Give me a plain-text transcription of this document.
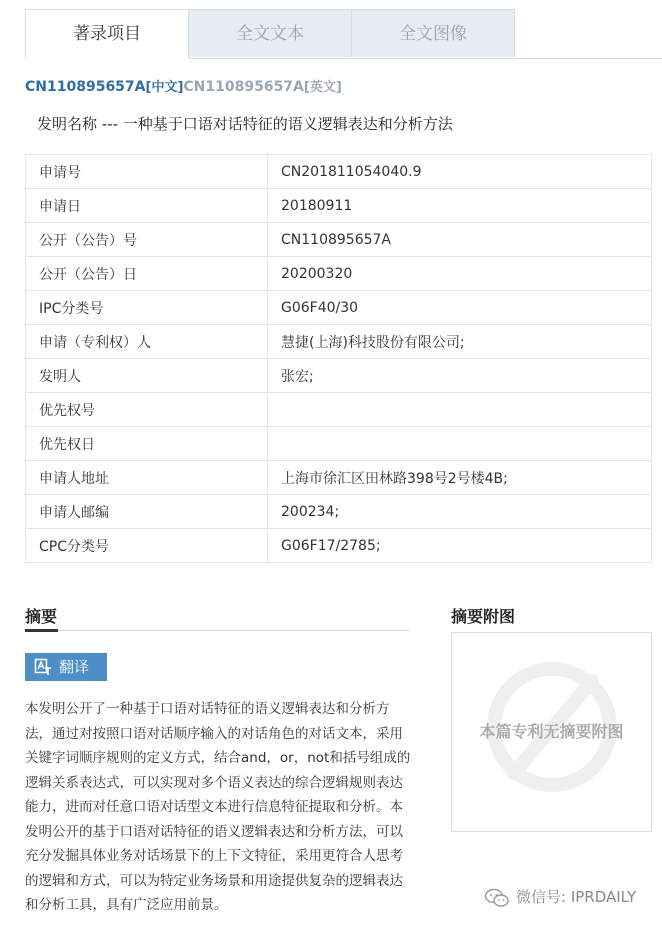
著录项目	全文文本	全文图像
CN110895657A[中文]CN110895657A[英文]
发明名称 --- 一种基于口语对话特征的语义逻辑表达和分析方法
申请号	CN201811054040.9
申请日	20180911
公开（公告）号	CN110895657A
公开（公告）日	20200320
IPC分类号	G06F40/30
申请（专利权）人	慧捷(上海)科技股份有限公司;
发明人	张宏;
优先权号	
优先权日	
申请人地址	上海市徐汇区田林路398号2号楼4B;
申请人邮编	200234;
CPC分类号	G06F17/2785;
摘要
翻译
本发明公开了一种基于口语对话特征的语义逻辑表达和分析方法，通过对按照口语对话顺序输入的对话角色的对话文本，采用关键字词顺序规则的定义方式，结合and，or，not和括号组成的逻辑关系表达式，可以实现对多个语义表达的综合逻辑规则表达能力，进而对任意口语对话型文本进行信息特征提取和分析。本发明公开的基于口语对话特征的语义逻辑表达和分析方法，可以充分发掘具体业务对话场景下的上下文特征，采用更符合人思考的逻辑和方式，可以为特定业务场景和用途提供复杂的逻辑表达和分析工具，具有广泛应用前景。
摘要附图
本篇专利无摘要附图
微信号: IPRDAILY
